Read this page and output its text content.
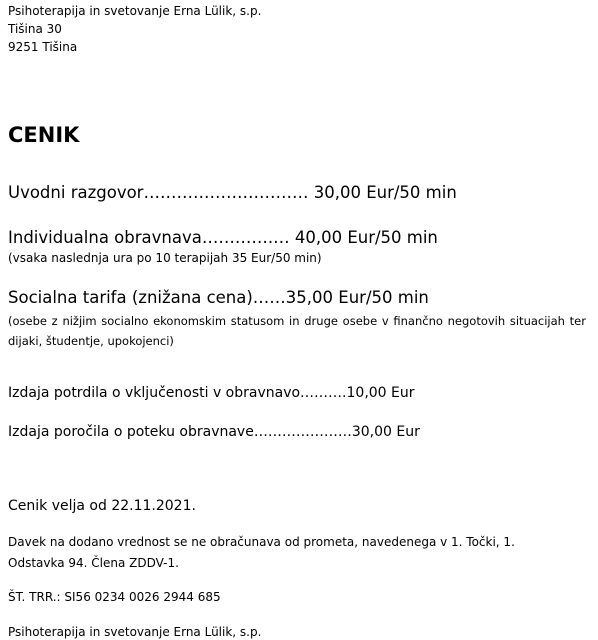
Psihoterapija in svetovanje Erna Lülik, s.p.

Tišina 30

9251 Tišina

CENIK

Uvodni razgovor………………………… 30,00 Eur/50 min

Individualna obravnava………….… 40,00 Eur/50 min

(vsaka naslednja ura po 10 terapijah 35 Eur/50 min)

Socialna tarifa (znižana cena)……35,00 Eur/50 min

(osebe z nižjim socialno ekonomskim statusom in druge osebe v finančno negotovih situacijah ter dijaki, študentje, upokojenci)

Izdaja potrdila o vključenosti v obravnavo……….10,00 Eur

Izdaja poročila o poteku obravnave…………………30,00 Eur

Cenik velja od 22.11.2021.

Davek na dodano vrednost se ne obračunava od prometa, navedenega v 1. Točki, 1.

Odstavka 94. Člena ZDDV-1.

ŠT. TRR.: SI56 0234 0026 2944 685

Psihoterapija in svetovanje Erna Lülik, s.p.
